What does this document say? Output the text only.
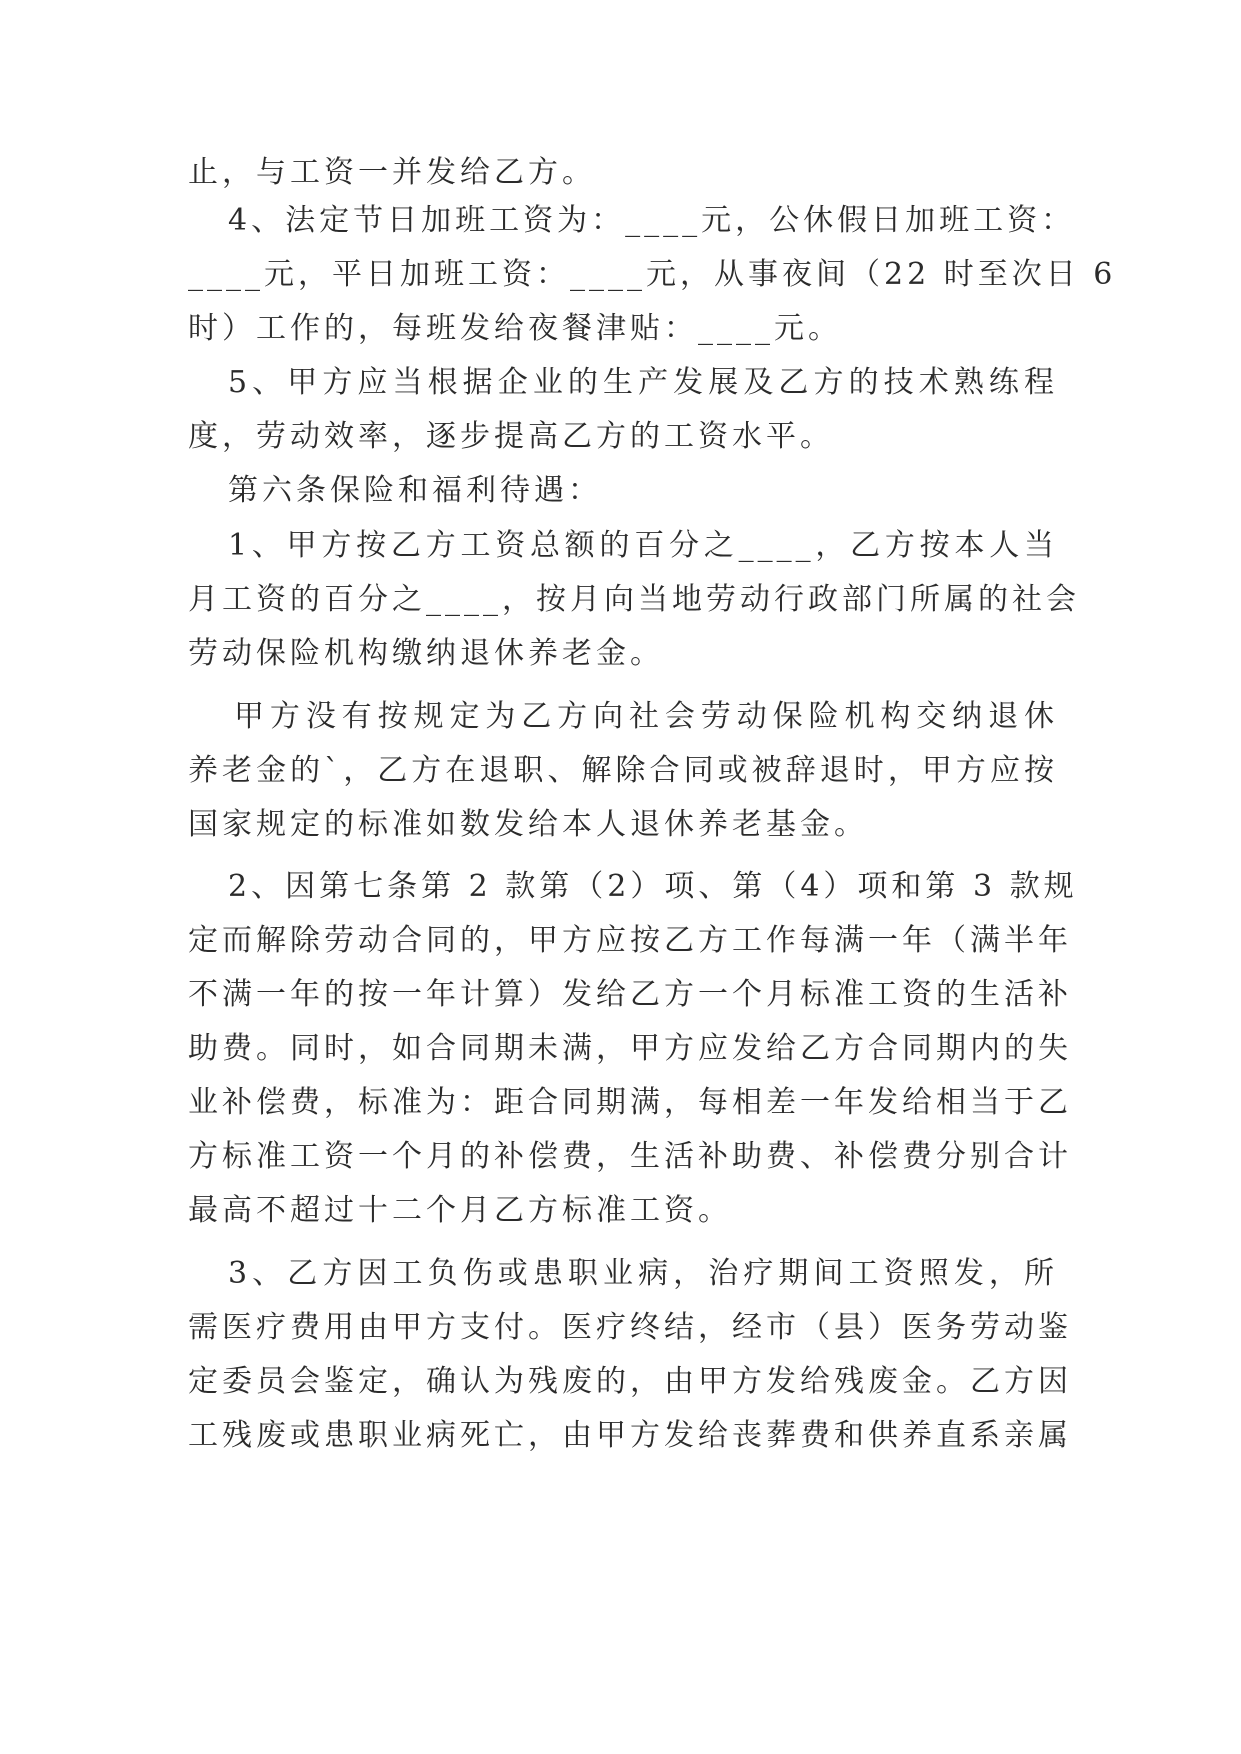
止，与工资一并发给乙方。
4、法定节日加班工资为：____元，公休假日加班工资：
____元，平日加班工资：____元，从事夜间（22 时至次日 6
时）工作的，每班发给夜餐津贴：____元。
5、甲方应当根据企业的生产发展及乙方的技术熟练程
度，劳动效率，逐步提高乙方的工资水平。
第六条保险和福利待遇：
1、甲方按乙方工资总额的百分之____，乙方按本人当
月工资的百分之____，按月向当地劳动行政部门所属的社会
劳动保险机构缴纳退休养老金。
甲方没有按规定为乙方向社会劳动保险机构交纳退休
养老金的`，乙方在退职、解除合同或被辞退时，甲方应按
国家规定的标准如数发给本人退休养老基金。
2、因第七条第 2 款第（2）项、第（4）项和第 3 款规
定而解除劳动合同的，甲方应按乙方工作每满一年（满半年
不满一年的按一年计算）发给乙方一个月标准工资的生活补
助费。同时，如合同期未满，甲方应发给乙方合同期内的失
业补偿费，标准为：距合同期满，每相差一年发给相当于乙
方标准工资一个月的补偿费，生活补助费、补偿费分别合计
最高不超过十二个月乙方标准工资。
3、乙方因工负伤或患职业病，治疗期间工资照发，所
需医疗费用由甲方支付。医疗终结，经市（县）医务劳动鉴
定委员会鉴定，确认为残废的，由甲方发给残废金。乙方因
工残废或患职业病死亡，由甲方发给丧葬费和供养直系亲属
